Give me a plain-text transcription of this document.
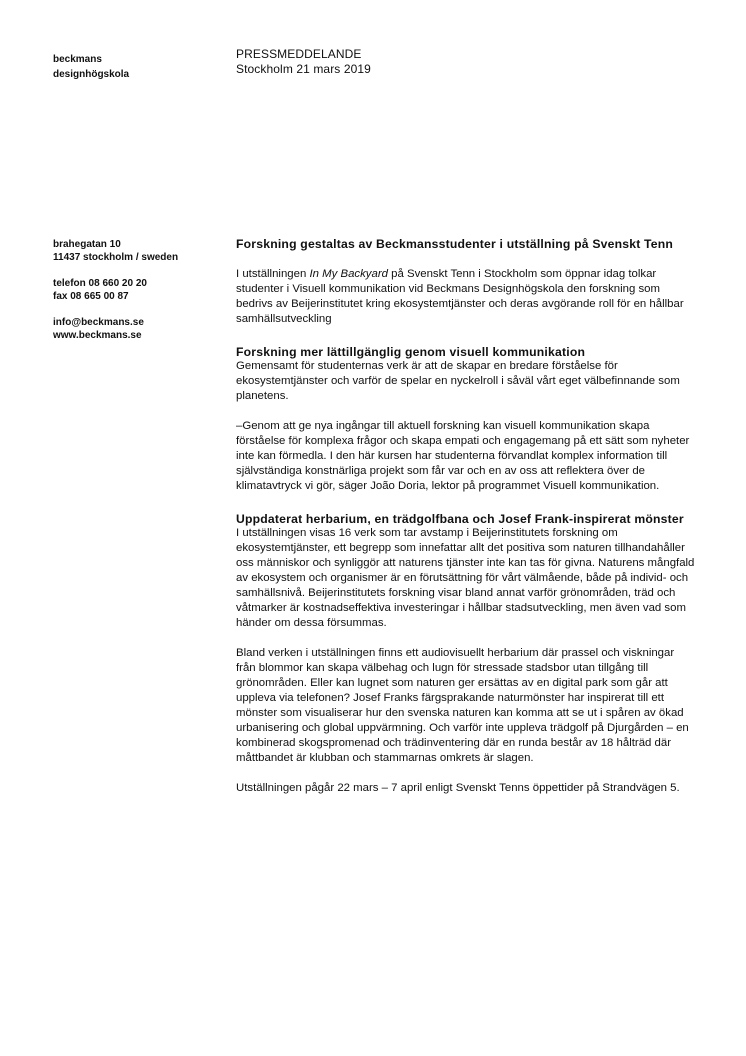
beckmans
designhögskola
PRESSMEDDELANDE
Stockholm 21 mars 2019
brahegatan 10
11437 stockholm / sweden
telefon 08 660 20 20
fax 08 665 00 87
info@beckmans.se
www.beckmans.se
Forskning gestaltas av Beckmansstudenter i utställning på Svenskt Tenn

I utställningen In My Backyard på Svenskt Tenn i Stockholm som öppnar idag tolkar studenter i Visuell kommunikation vid Beckmans Designhögskola den forskning som bedrivs av Beijerinstitutet kring ekosystemtjänster och deras avgörande roll för en hållbar samhällsutveckling

Forskning mer lättillgänglig genom visuell kommunikation

Gemensamt för studenternas verk är att de skapar en bredare förståelse för ekosystemtjänster och varför de spelar en nyckelroll i såväl vårt eget välbefinnande som planetens.

–Genom att ge nya ingångar till aktuell forskning kan visuell kommunikation skapa förståelse för komplexa frågor och skapa empati och engagemang på ett sätt som nyheter inte kan förmedla. I den här kursen har studenterna förvandlat komplex information till självständiga konstnärliga projekt som får var och en av oss att reflektera över de klimatavtryck vi gör, säger João Doria, lektor på programmet Visuell kommunikation.

Uppdaterat herbarium, en trädgolfbana och Josef Frank-inspirerat mönster

I utställningen visas 16 verk som tar avstamp i Beijerinstitutets forskning om ekosystemtjänster, ett begrepp som innefattar allt det positiva som naturen tillhandahåller oss människor och synliggör att naturens tjänster inte kan tas för givna. Naturens mångfald av ekosystem och organismer är en förutsättning för vårt välmående, både på individ- och samhällsnivå. Beijerinstitutets forskning visar bland annat varför grönområden, träd och våtmarker är kostnadseffektiva investeringar i hållbar stadsutveckling, men även vad som händer om dessa försummas.

Bland verken i utställningen finns ett audiovisuellt herbarium där prassel och viskningar från blommor kan skapa välbehag och lugn för stressade stadsbor utan tillgång till grönområden. Eller kan lugnet som naturen ger ersättas av en digital park som går att uppleva via telefonen? Josef Franks färgsprakande naturmönster har inspirerat till ett mönster som visualiserar hur den svenska naturen kan komma att se ut i spåren av ökad urbanisering och global uppvärmning. Och varför inte uppleva trädgolf på Djurgården – en kombinerad skogspromenad och trädinventering där en runda består av 18 hålträd där måttbandet är klubban och stammarnas omkrets är slagen.

Utställningen pågår 22 mars – 7 april enligt Svenskt Tenns öppettider på Strandvägen 5.
